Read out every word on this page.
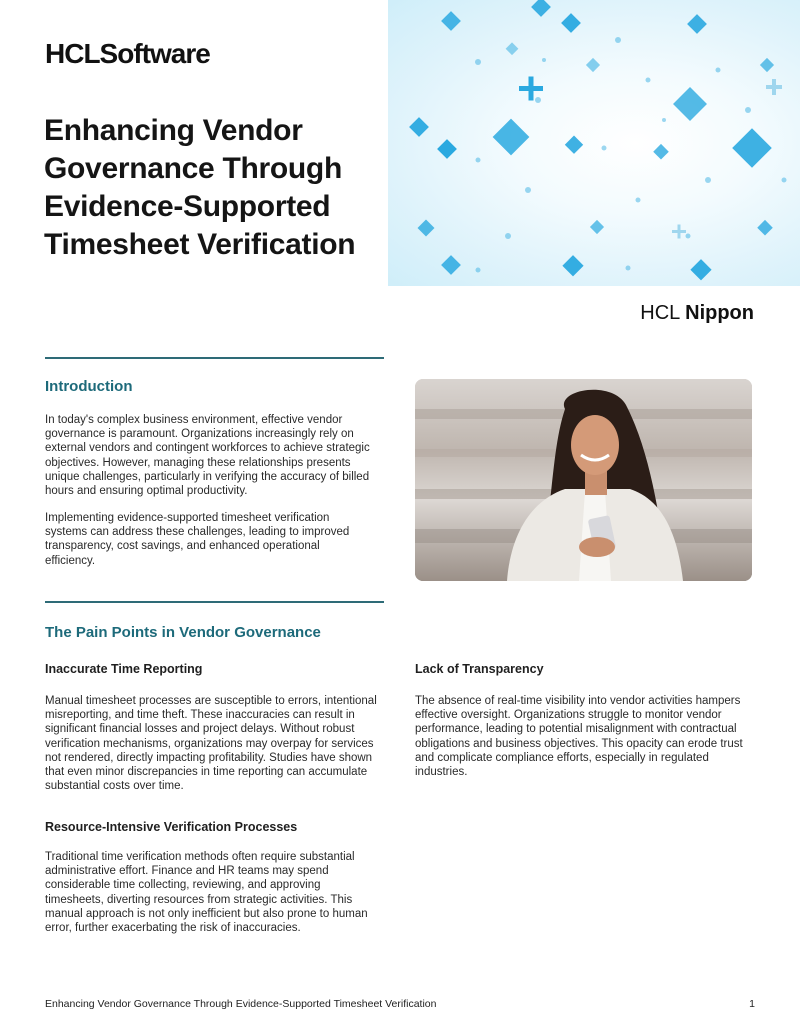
HCLSoftware
Enhancing Vendor
Governance Through
Evidence-Supported
Timesheet Verification
HCL Nippon
Introduction
In today's complex business environment, effective vendor governance is paramount. Organizations increasingly rely on external vendors and contingent workforces to achieve strategic objectives. However, managing these relationships presents unique challenges, particularly in verifying the accuracy of billed hours and ensuring optimal productivity.
Implementing evidence-supported timesheet verification systems can address these challenges, leading to improved transparency, cost savings, and enhanced operational efficiency.
The Pain Points in Vendor Governance
Inaccurate Time Reporting
Manual timesheet processes are susceptible to errors, intentional misreporting, and time theft. These inaccuracies can result in significant financial losses and project delays. Without robust verification mechanisms, organizations may overpay for services not rendered, directly impacting profitability. Studies have shown that even minor discrepancies in time reporting can accumulate substantial costs over time.
Lack of Transparency
The absence of real-time visibility into vendor activities hampers effective oversight. Organizations struggle to monitor vendor performance, leading to potential misalignment with contractual obligations and business objectives. This opacity can erode trust and complicate compliance efforts, especially in regulated industries.
Resource-Intensive Verification Processes
Traditional time verification methods often require substantial administrative effort. Finance and HR teams may spend considerable time collecting, reviewing, and approving timesheets, diverting resources from strategic activities. This manual approach is not only inefficient but also prone to human error, further exacerbating the risk of inaccuracies.
Enhancing Vendor Governance Through Evidence-Supported Timesheet Verification	1
